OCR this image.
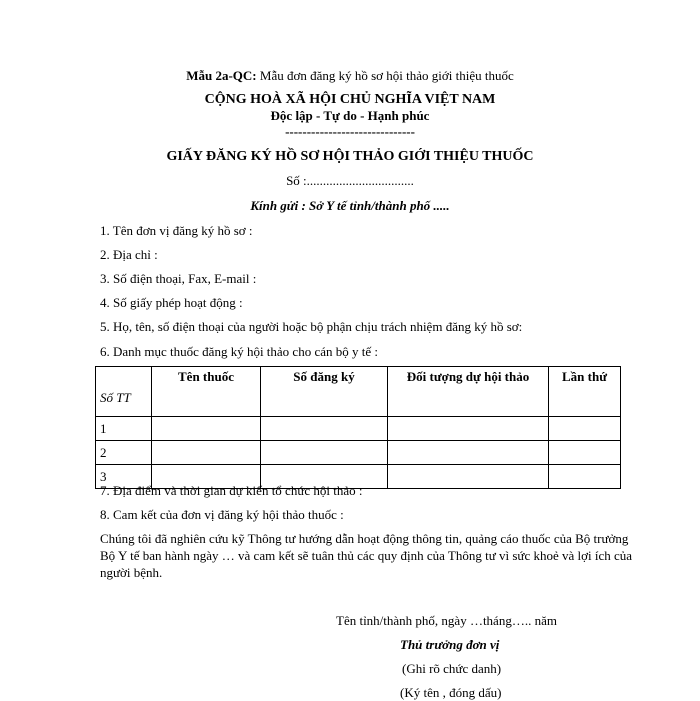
Mẫu 2a-QC: Mẫu đơn đăng ký hồ sơ hội thảo giới thiệu thuốc
CỘNG HOÀ XÃ HỘI CHỦ NGHĨA VIỆT NAM
Độc lập - Tự do - Hạnh phúc
------------------------------
GIẤY ĐĂNG KÝ HỒ SƠ HỘI THẢO GIỚI THIỆU THUỐC
Số :.................................
Kính gửi : Sở Y tế tỉnh/thành phố .....
1. Tên đơn vị đăng ký hồ sơ :
2. Địa chỉ :
3. Số điện thoại, Fax, E-mail :
4. Số giấy phép hoạt động :
5. Họ, tên, số điện thoại của người hoặc bộ phận chịu trách nhiệm đăng ký hồ sơ:
6. Danh mục thuốc đăng ký hội thảo cho cán bộ y tế :
Số TT	Tên thuốc	Số đăng ký	Đối tượng dự hội thảo	Lần thứ
1				
2				
3				
7. Địa điểm và thời gian dự kiến tổ chức hội thảo :
8. Cam kết của đơn vị đăng ký hội thảo thuốc :
Chúng tôi đã nghiên cứu kỹ Thông tư hướng dẫn hoạt động thông tin, quảng cáo thuốc của Bộ trưởng Bộ Y tế ban hành ngày … và cam kết sẽ tuân thủ các quy định của Thông tư vì sức khoẻ và lợi ích của người bệnh.
Tên tỉnh/thành phố, ngày …tháng….. năm
Thủ trưởng đơn vị
(Ghi rõ chức danh)
(Ký tên , đóng dấu)
